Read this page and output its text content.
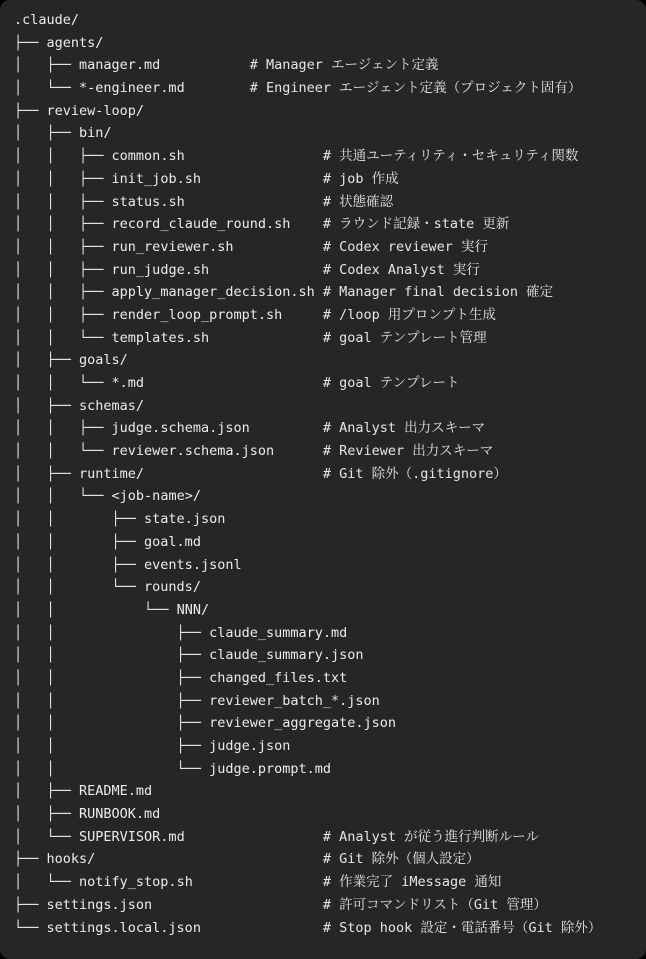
.claude/
├── agents/
│   ├── manager.md	# Manager エージェント定義
│   └── *-engineer.md	# Engineer エージェント定義（プロジェクト固有）
├── review-loop/
│   ├── bin/
│   │   ├── common.sh	# 共通ユーティリティ・セキュリティ関数
│   │   ├── init_job.sh	# job 作成
│   │   ├── status.sh	# 状態確認
│   │   ├── record_claude_round.sh # ラウンド記録・state 更新
│   │   ├── run_reviewer.sh	# Codex reviewer 実行
│   │   ├── run_judge.sh	# Codex Analyst 実行
│   │   ├── apply_manager_decision.sh # Manager final decision 確定
│   │   ├── render_loop_prompt.sh	# /loop 用プロンプト生成
│   │   └── templates.sh	# goal テンプレート管理
│   ├── goals/
│   │   └── *.md	# goal テンプレート
│   ├── schemas/
│   │   ├── judge.schema.json	# Analyst 出力スキーマ
│   │   └── reviewer.schema.json	# Reviewer 出力スキーマ
│   ├── runtime/	# Git 除外（.gitignore）
│   │   └── <job-name>/
│   │       ├── state.json
│   │       ├── goal.md
│   │       ├── events.jsonl
│   │       └── rounds/
│   │           └── NNN/
│   │               ├── claude_summary.md
│   │               ├── claude_summary.json
│   │               ├── changed_files.txt
│   │               ├── reviewer_batch_*.json
│   │               ├── reviewer_aggregate.json
│   │               ├── judge.json
│   │               └── judge.prompt.md
│   ├── README.md
│   ├── RUNBOOK.md
│   └── SUPERVISOR.md	# Analyst が従う進行判断ルール
├── hooks/	# Git 除外（個人設定）
│   └── notify_stop.sh	# 作業完了 iMessage 通知
├── settings.json	# 許可コマンドリスト（Git 管理）
└── settings.local.json	# Stop hook 設定・電話番号（Git 除外）
